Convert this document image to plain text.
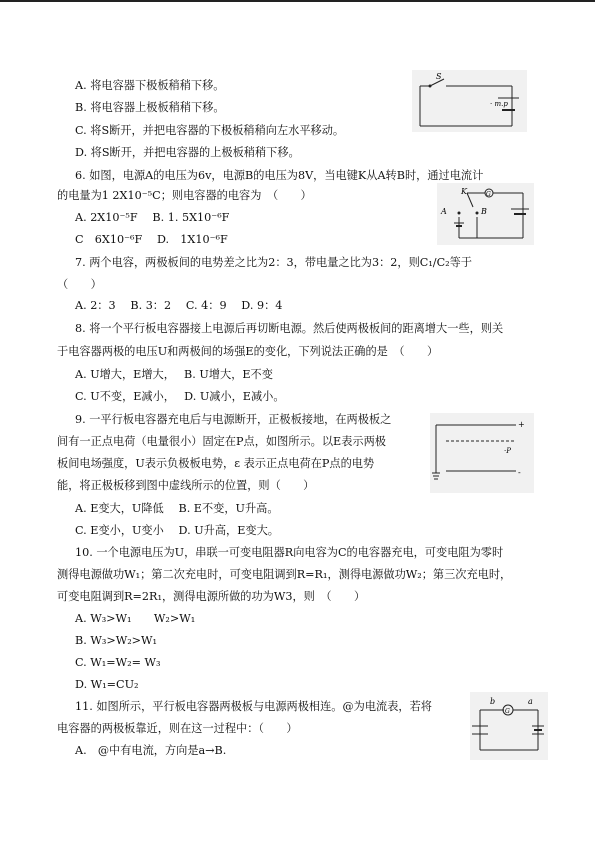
A. 将电容器下极板稍稍下移。
B. 将电容器上极板稍稍下移。
C. 将S断开，并把电容器的下极板稍稍向左水平移动。
D. 将S断开，并把电容器的上极板稍稍下移。
6. 如图，电源A的电压为6v，电源B的电压为8V，当电键K从A转B时，通过电流计
的电量为1 2X10⁻⁵C；则电容器的电容为　（　　）
A. 2X10⁻⁵F　 B. 1. 5X10⁻⁶F
C　6X10⁻⁶F　 D.　1X10⁻⁶F
7. 两个电容，两极板间的电势差之比为2：3，带电量之比为3：2，则C₁/C₂等于
（　　）
A. 2：3　 B. 3：2　 C. 4：9　 D. 9：4
8. 将一个平行板电容器接上电源后再切断电源。然后使两极板间的距离增大一些，则关
于电容器两极的电压U和两极间的场强E的变化，下列说法正确的是　（　　）
A. U增大，E增大，　 B. U增大，E不变
C. U不变，E减小，　 D. U减小，E减小。
9. 一平行板电容器充电后与电源断开，正极板接地，在两极板之
间有一正点电荷（电量很小）固定在P点，如图所示。以E表示两极
板间电场强度，U表示负极板电势，ε 表示正点电荷在P点的电势
能，将正极板移到图中虚线所示的位置，则（　　）
A. E变大，U降低　 B. E不变，U升高。
C. E变小，U变小　 D. U升高，E变大。
10. 一个电源电压为U，串联一可变电阻器R向电容为C的电容器充电，可变电阻为零时
测得电源做功W₁；第二次充电时，可变电阻调到R=R₁，测得电源做功W₂；第三次充电时，
可变电阻调到R=2R₁，测得电源所做的功为W3，则　（　　）
A. W₃>W₁　　W₂>W₁
B. W₃>W₂>W₁
C. W₁=W₂= W₃
D. W₁=CU₂
11. 如图所示，平行板电容器两极板与电源两极相连。@为电流表，若将
电容器的两极板靠近，则在这一过程中：（　　）
A.　@中有电流，方向是a→B.
S
· m.p
K	G
A	B
+
-
·P
b
G
a
